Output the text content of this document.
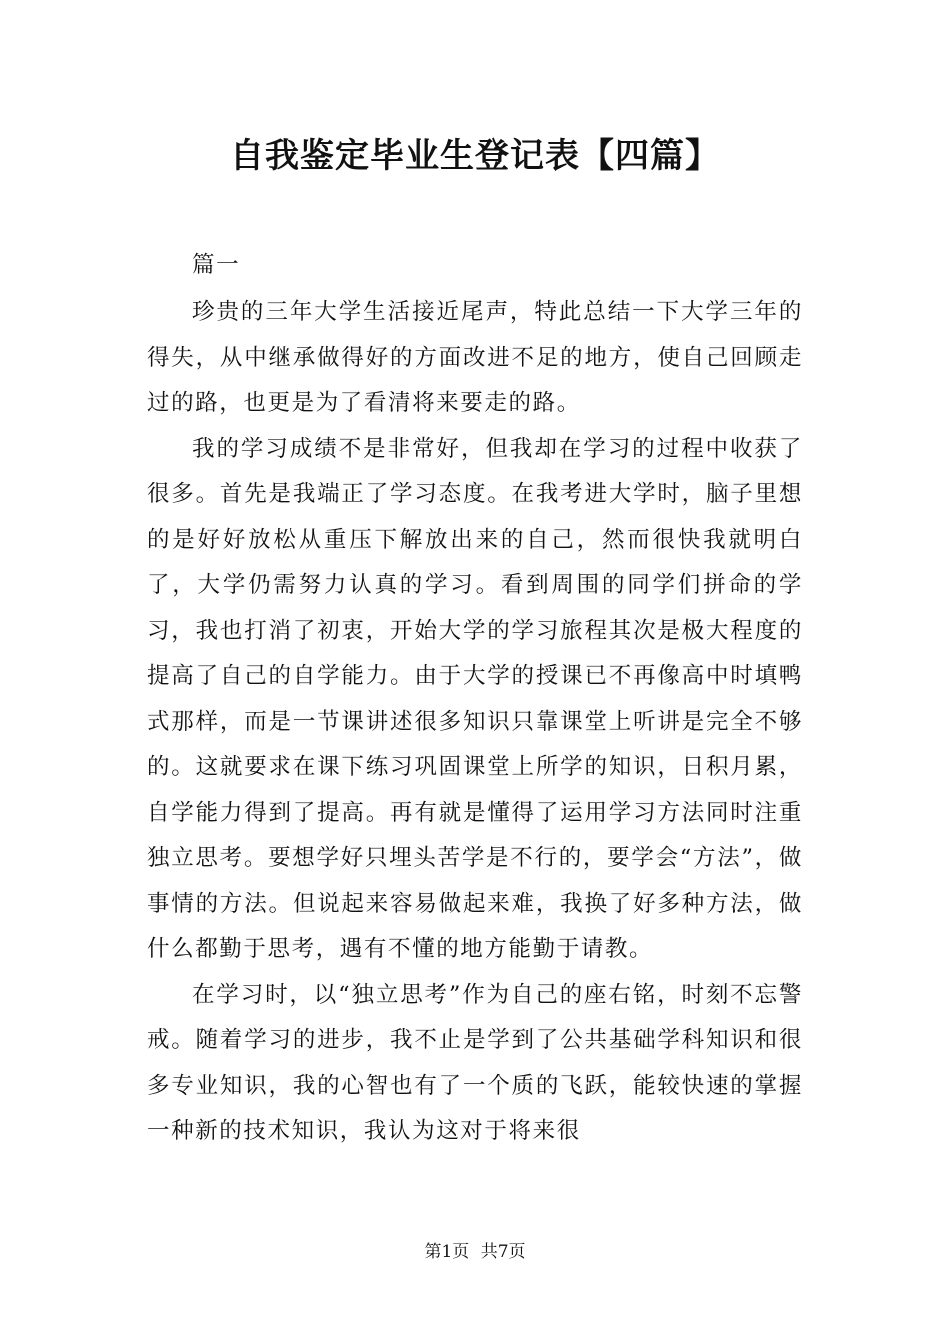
自我鉴定毕业生登记表【四篇】

篇一

珍贵的三年大学生活接近尾声，特此总结一下大学三年的得失，从中继承做得好的方面改进不足的地方，使自己回顾走过的路，也更是为了看清将来要走的路。

我的学习成绩不是非常好，但我却在学习的过程中收获了很多。首先是我端正了学习态度。在我考进大学时，脑子里想的是好好放松从重压下解放出来的自己，然而很快我就明白了，大学仍需努力认真的学习。看到周围的同学们拼命的学习，我也打消了初衷，开始大学的学习旅程其次是极大程度的提高了自己的自学能力。由于大学的授课已不再像高中时填鸭式那样，而是一节课讲述很多知识只靠课堂上听讲是完全不够的。这就要求在课下练习巩固课堂上所学的知识，日积月累，自学能力得到了提高。再有就是懂得了运用学习方法同时注重独立思考。要想学好只埋头苦学是不行的，要学会“方法”，做事情的方法。但说起来容易做起来难，我换了好多种方法，做什么都勤于思考，遇有不懂的地方能勤于请教。

在学习时，以“独立思考”作为自己的座右铭，时刻不忘警戒。随着学习的进步，我不止是学到了公共基础学科知识和很多专业知识，我的心智也有了一个质的飞跃，能较快速的掌握一种新的技术知识，我认为这对于将来很

第1页 共7页
